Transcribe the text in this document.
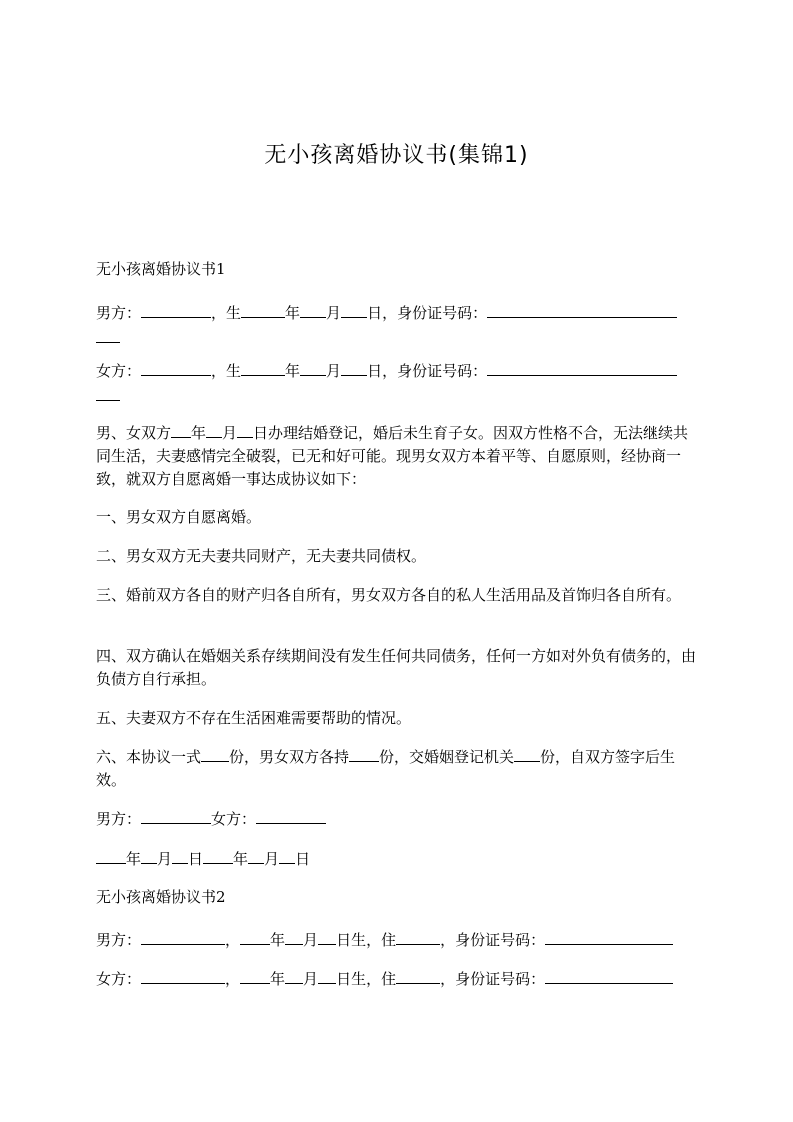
无小孩离婚协议书(集锦1)
无小孩离婚协议书1
男方：	，生	年 月 日，身份证号码：
女方：	，生	年 月 日，身份证号码：
男、女双方 年 月 日办理结婚登记，婚后未生育子女。因双方性格不合，无法继续共同生活，夫妻感情完全破裂，已无和好可能。现男女双方本着平等、自愿原则，经协商一致，就双方自愿离婚一事达成协议如下：
一、男女双方自愿离婚。
二、男女双方无夫妻共同财产，无夫妻共同债权。
三、婚前双方各自的财产归各自所有，男女双方各自的私人生活用品及首饰归各自所有。
四、双方确认在婚姻关系存续期间没有发生任何共同债务，任何一方如对外负有债务的，由负债方自行承担。
五、夫妻双方不存在生活困难需要帮助的情况。
六、本协议一式 份，男女双方各持 份，交婚姻登记机关 份，自双方签字后生效。
男方：	女方：
年 月 日 年 月 日
无小孩离婚协议书2
男方：	， 年 月 日生，住	，身份证号码：
女方：	， 年 月 日生，住	，身份证号码：
